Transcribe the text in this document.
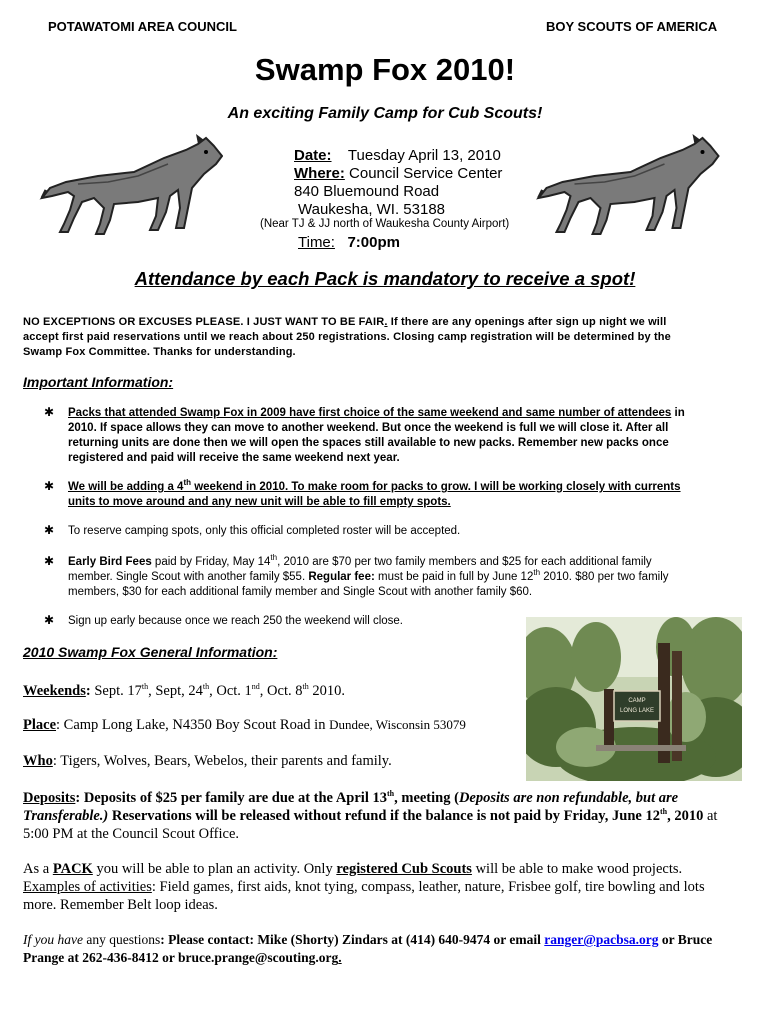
POTAWATOMI AREA COUNCIL	BOY SCOUTS OF AMERICA
Swamp Fox 2010!
An exciting Family Camp for Cub Scouts!
Date: Tuesday April 13, 2010
Where: Council Service Center
840 Bluemound Road
Waukesha, WI. 53188
(Near TJ & JJ north of Waukesha County Airport)
Time: 7:00pm
Attendance by each Pack is mandatory to receive a spot!
NO EXCEPTIONS OR EXCUSES PLEASE. I JUST WANT TO BE FAIR. If there are any openings after sign up night we will
accept first paid reservations until we reach about 250 registrations. Closing camp registration will be determined by the
Swamp Fox Committee. Thanks for understanding.
Important Information:
✱ Packs that attended Swamp Fox in 2009 have first choice of the same weekend and same number of attendees in
2010. If space allows they can move to another weekend. But once the weekend is full we will close it. After all
returning units are done then we will open the spaces still available to new packs. Remember new packs once
registered and paid will receive the same weekend next year.
✱ We will be adding a 4th weekend in 2010. To make room for packs to grow. I will be working closely with currents
units to move around and any new unit will be able to fill empty spots.
✱ To reserve camping spots, only this official completed roster will be accepted.
✱ Early Bird Fees paid by Friday, May 14th, 2010 are $70 per two family members and $25 for each additional family
member. Single Scout with another family $55. Regular fee: must be paid in full by June 12th 2010. $80 per two family
members, $30 for each additional family member and Single Scout with another family $60.
✱ Sign up early because once we reach 250 the weekend will close.
CAMP
LONG LAKE
2010 Swamp Fox General Information:
Weekends: Sept. 17th, Sept, 24th, Oct. 1nd, Oct. 8th 2010.
Place: Camp Long Lake, N4350 Boy Scout Road in Dundee, Wisconsin 53079
Who: Tigers, Wolves, Bears, Webelos, their parents and family.
Deposits: Deposits of $25 per family are due at the April 13th, meeting (Deposits are non refundable, but are
Transferable.) Reservations will be released without refund if the balance is not paid by Friday, June 12th, 2010 at
5:00 PM at the Council Scout Office.
As a PACK you will be able to plan an activity. Only registered Cub Scouts will be able to make wood projects.
Examples of activities: Field games, first aids, knot tying, compass, leather, nature, Frisbee golf, tire bowling and lots
more. Remember Belt loop ideas.
If you have any questions: Please contact: Mike (Shorty) Zindars at (414) 640-9474 or email ranger@pacbsa.org or Bruce
Prange at 262-436-8412 or bruce.prange@scouting.org.
